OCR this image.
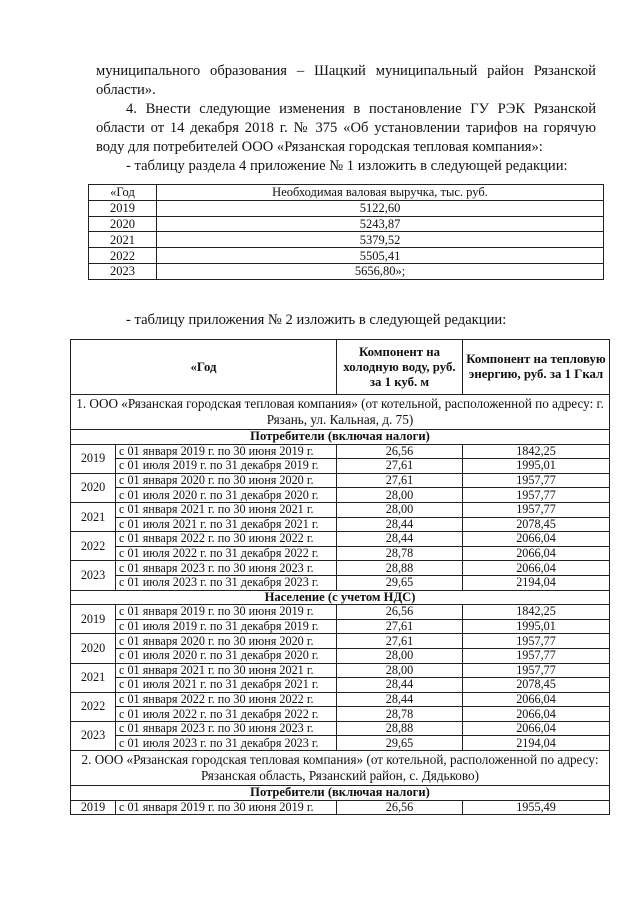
муниципального образования – Шацкий муниципальный район Рязанской области».

4. Внести следующие изменения в постановление ГУ РЭК Рязанской области от 14 декабря 2018 г. № 375 «Об установлении тарифов на горячую воду для потребителей ООО «Рязанская городская тепловая компания»:

- таблицу раздела 4 приложение № 1 изложить в следующей редакции:

«Год	Необходимая валовая выручка, тыс. руб.
2019	5122,60
2020	5243,87
2021	5379,52
2022	5505,41
2023	5656,80»;

- таблицу приложения № 2 изложить в следующей редакции:

«Год		Компонент на холодную воду, руб. за 1 куб. м	Компонент на тепловую энергию, руб. за 1 Гкал
1. ООО «Рязанская городская тепловая компания» (от котельной, расположенной по адресу: г. Рязань, ул. Кальная, д. 75)			
Потребители (включая налоги)			
2019	с 01 января 2019 г. по 30 июня 2019 г.	26,56	1842,25
	с 01 июля 2019 г. по 31 декабря 2019 г.	27,61	1995,01
2020	с 01 января 2020 г. по 30 июня 2020 г.	27,61	1957,77
	с 01 июля 2020 г. по 31 декабря 2020 г.	28,00	1957,77
2021	с 01 января 2021 г. по 30 июня 2021 г.	28,00	1957,77
	с 01 июля 2021 г. по 31 декабря 2021 г.	28,44	2078,45
2022	с 01 января 2022 г. по 30 июня 2022 г.	28,44	2066,04
	с 01 июля 2022 г. по 31 декабря 2022 г.	28,78	2066,04
2023	с 01 января 2023 г. по 30 июня 2023 г.	28,88	2066,04
	с 01 июля 2023 г. по 31 декабря 2023 г.	29,65	2194,04
Население (с учетом НДС)			
2019	с 01 января 2019 г. по 30 июня 2019 г.	26,56	1842,25
	с 01 июля 2019 г. по 31 декабря 2019 г.	27,61	1995,01
2020	с 01 января 2020 г. по 30 июня 2020 г.	27,61	1957,77
	с 01 июля 2020 г. по 31 декабря 2020 г.	28,00	1957,77
2021	с 01 января 2021 г. по 30 июня 2021 г.	28,00	1957,77
	с 01 июля 2021 г. по 31 декабря 2021 г.	28,44	2078,45
2022	с 01 января 2022 г. по 30 июня 2022 г.	28,44	2066,04
	с 01 июля 2022 г. по 31 декабря 2022 г.	28,78	2066,04
2023	с 01 января 2023 г. по 30 июня 2023 г.	28,88	2066,04
	с 01 июля 2023 г. по 31 декабря 2023 г.	29,65	2194,04
2. ООО «Рязанская городская тепловая компания» (от котельной, расположенной по адресу: Рязанская область, Рязанский район, с. Дядьково)			
Потребители (включая налоги)			
2019	с 01 января 2019 г. по 30 июня 2019 г.	26,56	1955,49
